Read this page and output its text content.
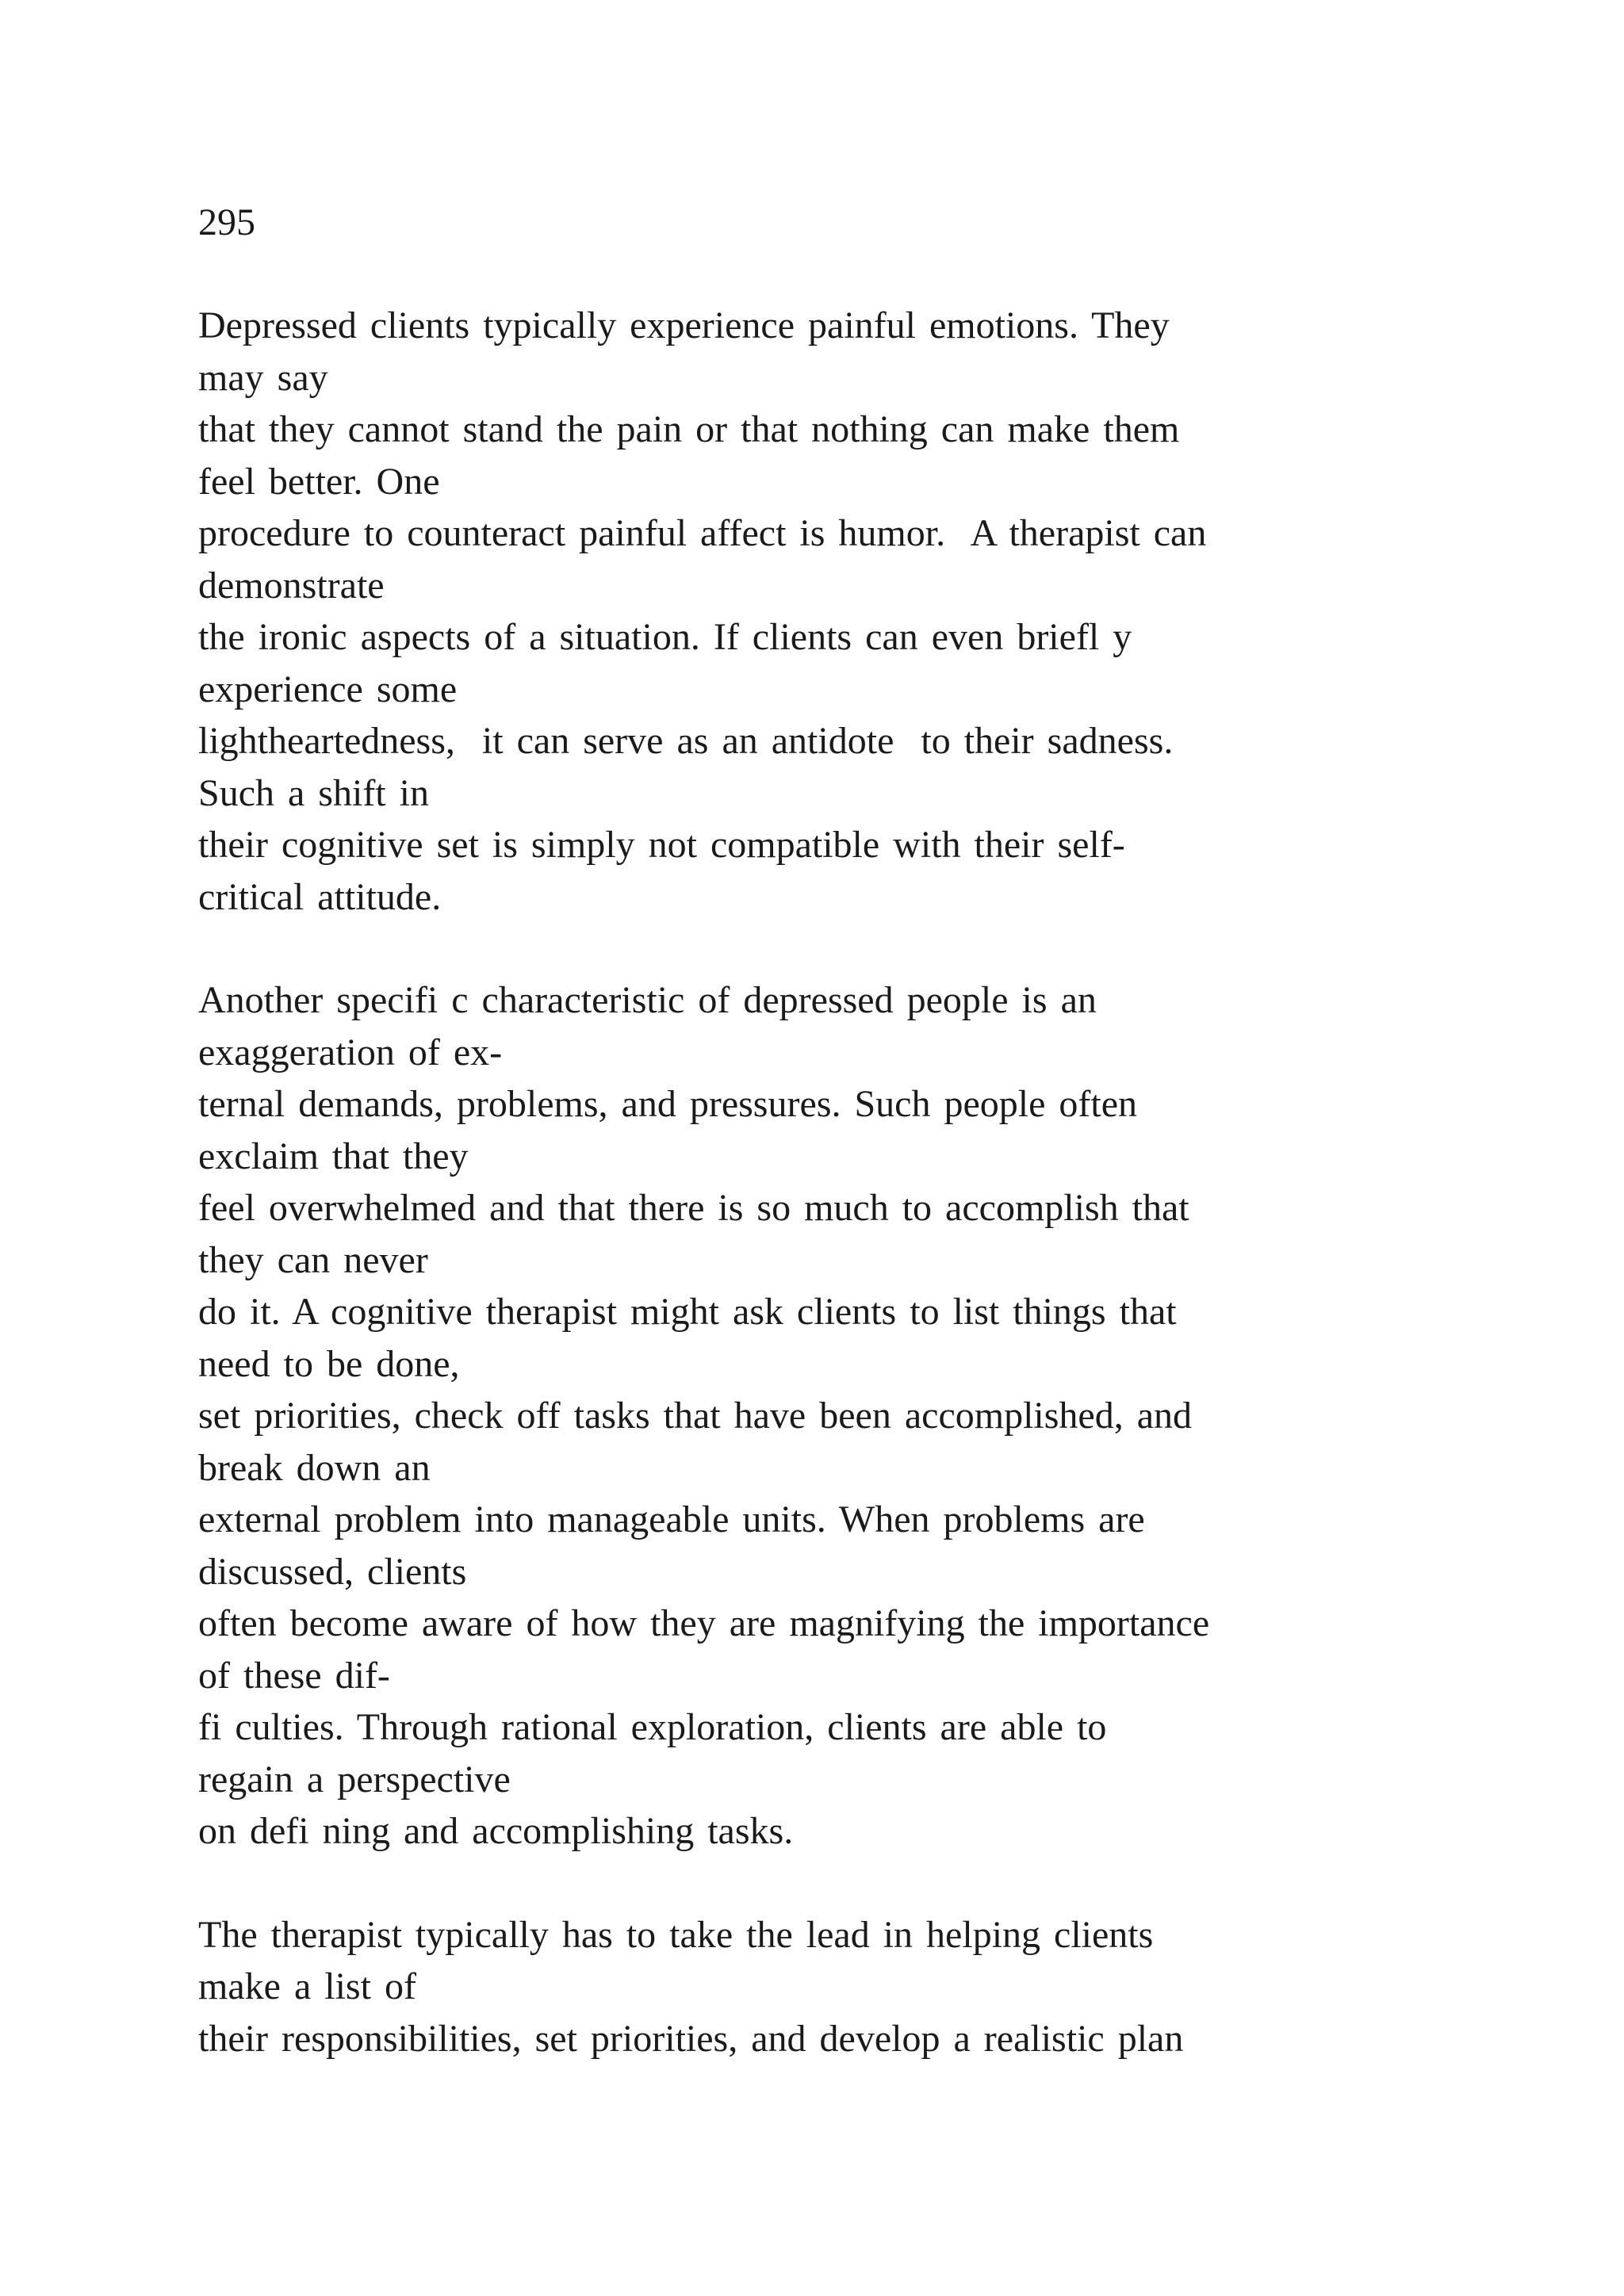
295

Depressed clients typically experience painful emotions. They
may say
that they cannot stand the pain or that nothing can make them
feel better. One
procedure to counteract painful affect is humor.  A therapist can
demonstrate
the ironic aspects of a situation. If clients can even briefl y
experience some
lightheartedness,  it can serve as an antidote  to their sadness.
Such a shift in
their cognitive set is simply not compatible with their self-
critical attitude.

Another specifi c characteristic of depressed people is an
exaggeration of ex-
ternal demands, problems, and pressures. Such people often
exclaim that they
feel overwhelmed and that there is so much to accomplish that
they can never
do it. A cognitive therapist might ask clients to list things that
need to be done,
set priorities, check off tasks that have been accomplished, and
break down an
external problem into manageable units. When problems are
discussed, clients
often become aware of how they are magnifying the importance
of these dif-
fi culties. Through rational exploration, clients are able to
regain a perspective
on defi ning and accomplishing tasks.

The therapist typically has to take the lead in helping clients
make a list of
their responsibilities, set priorities, and develop a realistic plan
